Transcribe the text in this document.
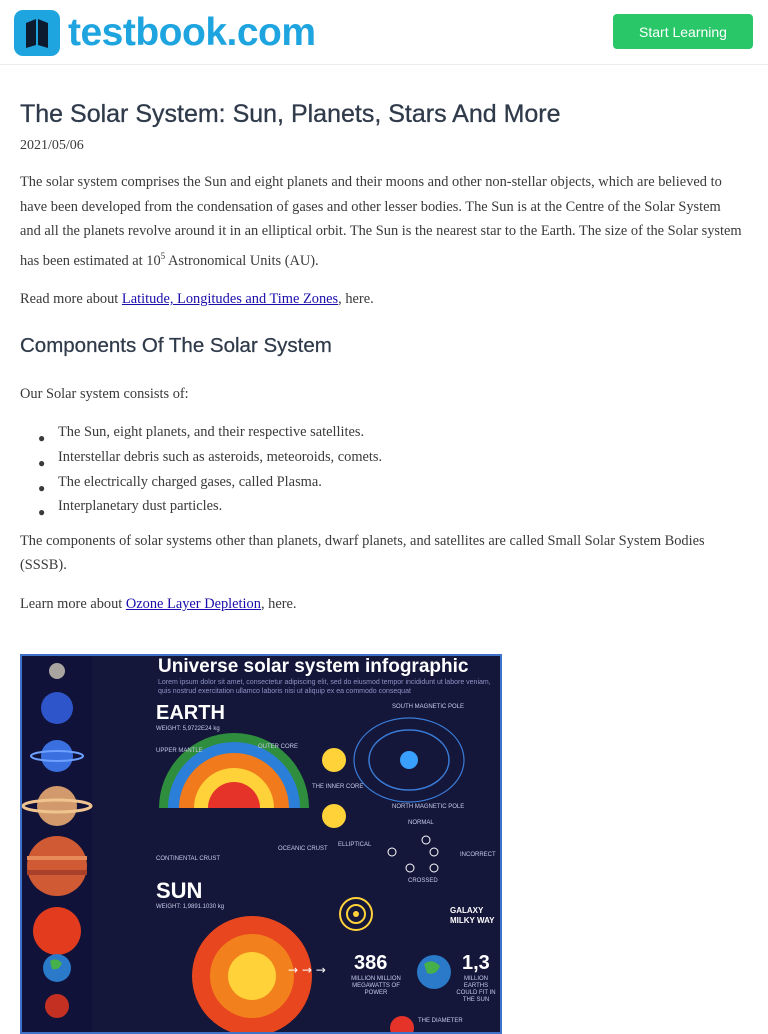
testbook.com	Start Learning
The Solar System: Sun, Planets, Stars And More
2021/05/06

The solar system comprises the Sun and eight planets and their moons and other non-stellar objects, which are believed to have been developed from the condensation of gases and other lesser bodies. The Sun is at the Centre of the Solar System and all the planets revolve around it in an elliptical orbit. The Sun is the nearest star to the Earth. The size of the Solar system has been estimated at $10^5$ Astronomical Units (AU).

Read more about Latitude, Longitudes and Time Zones, here.

Components Of The Solar System

Our Solar system consists of:

● The Sun, eight planets, and their respective satellites.
● Interstellar debris such as asteroids, meteoroids, comets.
● The electrically charged gases, called Plasma.
● Interplanetary dust particles.

The components of solar systems other than planets, dwarf planets, and satellites are called Small Solar System Bodies (SSSB).

Learn more about Ozone Layer Depletion, here.

→ → →
Universe solar system infographic
Lorem ipsum dolor sit amet, consectetur adipiscing elit, sed do eiusmod tempor incididunt ut labore veniam, quis nostrud exercitation ullamco laboris nisi ut aliquip ex ea commodo consequat
EARTH
WEIGHT: 5,9722E24 kg
UPPER MANTLE
OUTER CORE
THE INNER CORE
CONTINENTAL CRUST
OCEANIC CRUST
SOUTH MAGNETIC POLE
NORTH MAGNETIC POLE
NORMAL
ELLIPTICAL
INCORRECT
CROSSED
GALAXY MILKY WAY
SUN
WEIGHT: 1,9891.1030 kg
386
MILLION MILLION MEGAWATTS OF POWER
1,3
MILLION EARTHS COULD FIT IN THE SUN
THE DIAMETER
